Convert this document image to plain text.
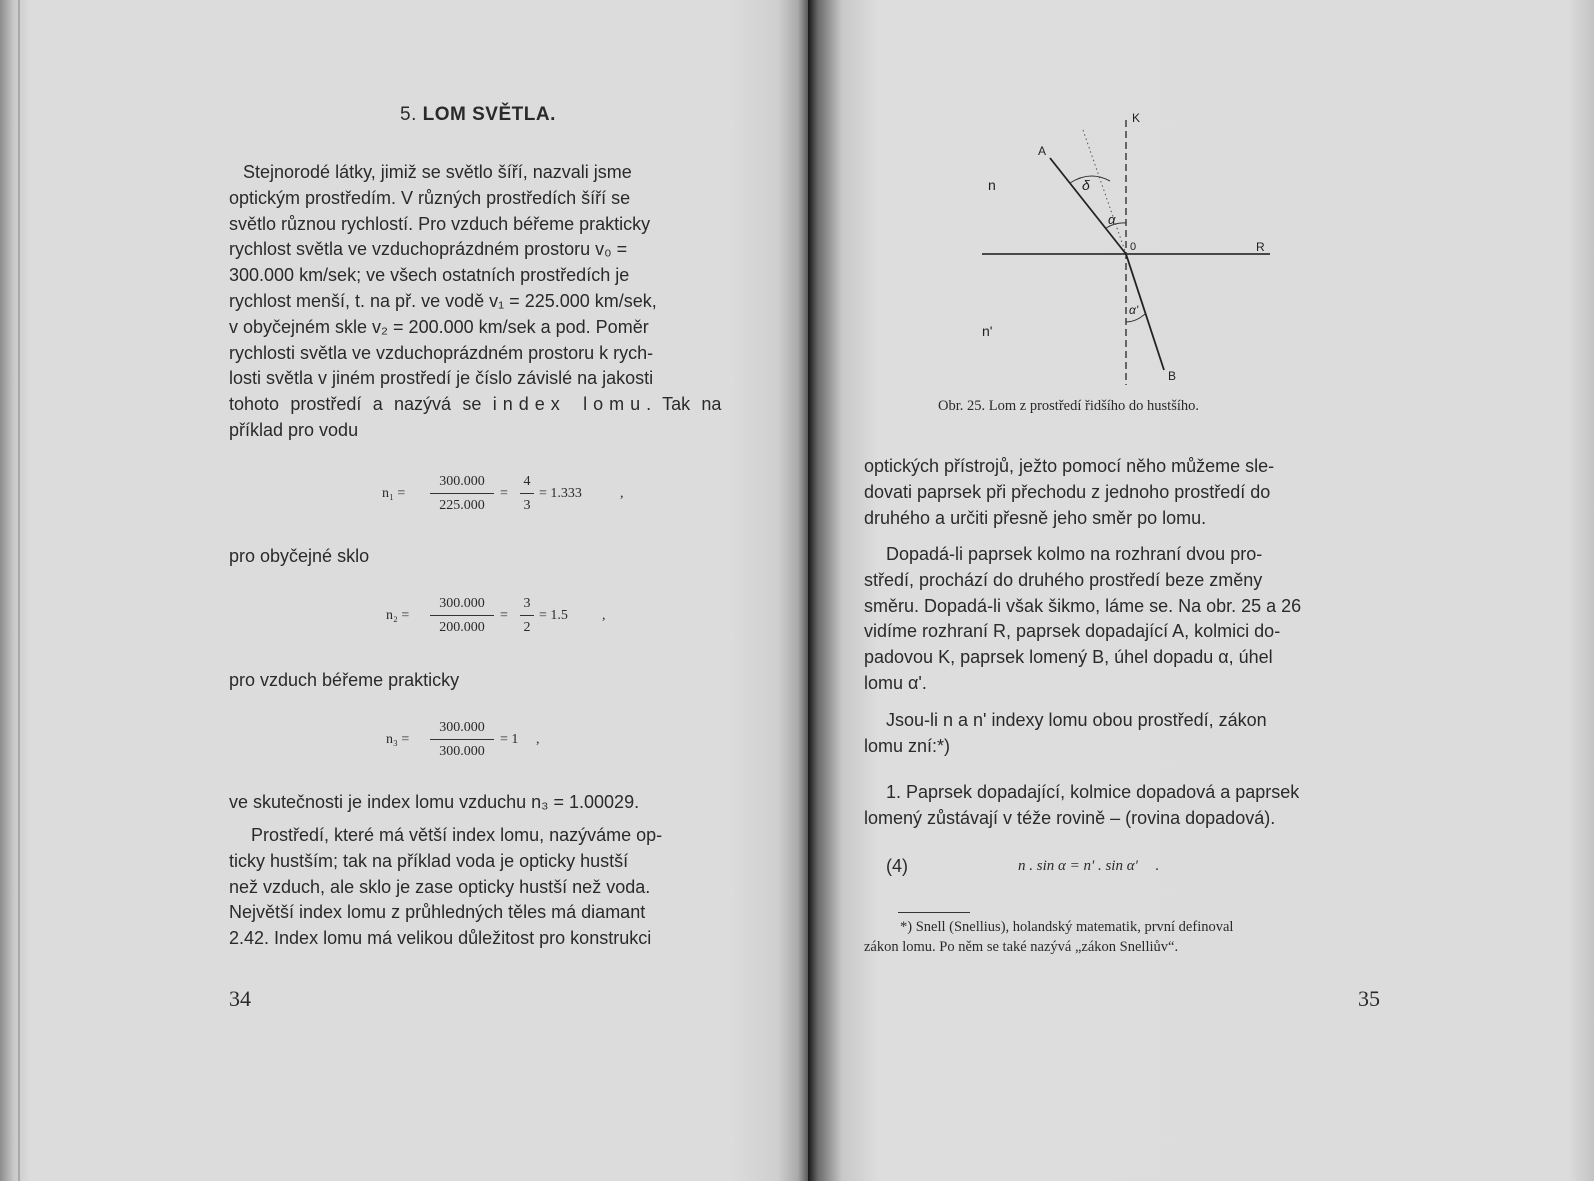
5. LOM SVĚTLA.
Stejnorodé látky, jimiž se světlo šíří, nazvali jsme
optickým prostředím. V různých prostředích šíří se
světlo různou rychlostí. Pro vzduch béřeme prakticky
rychlost světla ve vzduchoprázdném prostoru v₀ =
300.000 km/sek; ve všech ostatních prostředích je
rychlost menší, t. na př. ve vodě v₁ = 225.000 km/sek,
v obyčejném skle v₂ = 200.000 km/sek a pod. Poměr
rychlosti světla ve vzduchoprázdném prostoru k rych-
losti světla v jiném prostředí je číslo závislé na jakosti
tohoto prostředí a nazývá se index lomu. Tak na
příklad pro vodu
n₁ =
300.000
225.000
=
4
3
= 1.333	,
pro obyčejné sklo
n₂ =
300.000
200.000
=
3
2
= 1.5 ,
pro vzduch béřeme prakticky
n₃ =
300.000
300.000
= 1 ,
ve skutečnosti je index lomu vzduchu n₃ = 1.00029.
Prostředí, které má větší index lomu, nazýváme op-
ticky hustším; tak na příklad voda je opticky hustší
než vzduch, ale sklo je zase opticky hustší než voda.
Největší index lomu z průhledných těles má diamant
2.42. Index lomu má velikou důležitost pro konstrukci
34
A
K
n
n'
δ
α
0	R
α'
B
Obr. 25. Lom z prostředí řidšího do hustšího.
optických přístrojů, ježto pomocí něho můžeme sle-
dovati paprsek při přechodu z jednoho prostředí do
druhého a určiti přesně jeho směr po lomu.
Dopadá-li paprsek kolmo na rozhraní dvou pro-
středí, prochází do druhého prostředí beze změny
směru. Dopadá-li však šikmo, láme se. Na obr. 25 a 26
vidíme rozhraní R, paprsek dopadající A, kolmici do-
padovou K, paprsek lomený B, úhel dopadu α, úhel
lomu α'.
Jsou-li n a n' indexy lomu obou prostředí, zákon
lomu zní:*)
1. Paprsek dopadající, kolmice dopadová a paprsek
lomený zůstávají v téže rovině – (rovina dopadová).
(4)	n . sin α = n' . sin α' .
*) Snell (Snellius), holandský matematik, první definoval
zákon lomu. Po něm se také nazývá „zákon Snelliův“.
35
